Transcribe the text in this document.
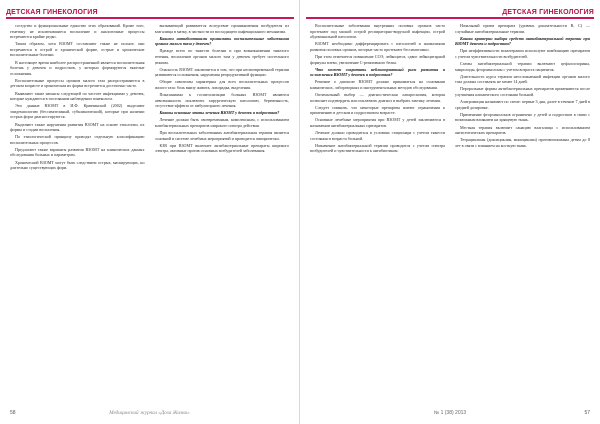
ДЕТСКАЯ ГИНЕКОЛОГИЯ

соседство и функциональные единство этих образований. Кроме того, генетику не исключавшиеся воспаление и аналогичные процессы встречаются крайне редко.

Таким образом, хотя ВЗОМТ составляют также не полное, они встречаются в острой и хронической форме, острые и хронические воспалительные болезни.

В настоящее время наиболее распространенной является воспалительная болезнь у девочек и подростков, у которых формируются тяжелые осложнения.

Воспалительные процессы органов малого таза распространяются в детском возрасте и хроническая их форма встречается достаточно часто.

Выявляют такие нюансы следующей по частоте инфекциями у девочек, которые нуждаются в постоянном наблюдении гинеколога.

Эти данные ВЗОМТ в И.Ф. Кравчинской (2002) выделяют эпидемиологию (бессимптомный, субклинический), которые при наличии острых форм диагностируются.

Выделяют также нарушения развития ВЗОМТ на основе этиологии, их формы и стадии воспаления.

По этиологической принципу проводят отдельную классификацию воспалительных процессов.

Предлагают также варианты развития ВЗОМТ на клинических данных обследования больных и параметрам.

Хронический ВЗОМТ могут быть следствием острых, маскирующих, но длительно существующих форм.

вызывающий развивается вследствие проникновения возбудителя из влагалища в матку, в частности из восходящего инфекционного механизма.

Какими антибиотиками принимать воспалительные заболевания органов малого таза у девочек?

Прежде всего по тяжести болезни и при возникновении тяжелого течения, воспаление органов малого таза у девочек требует постельного режима.

Опасность ВЗОМТ заключается в том, что при несвоевременной терапии развиваются осложнения, нарушения репродуктивной функции.

Общие симптомы характерны для всех воспалительных процессов малого таза: боль внизу живота, лихорадка, выделения.

Показаниями к госпитализации больных ВЗОМТ являются невозможность исключить хирургическую патологию, беременность, отсутствие эффекта от амбулаторного лечения.

Каковы основные этапы лечения ВЗОМТ у девочек и подростков?

Лечение должно быть своевременным, комплексным, с использованием антибактериальных препаратов широкого спектра действия.

При воспалительных заболеваниях антибактериальная терапия является основной в системе лечебных мероприятий и проводится эмпирически.

КЗВ при ВЗОМТ включает антибактериальные препараты широкого спектра, активные против основных возбудителей заболевания.

58	Медицинский журнал «Доза Жизни»
ДЕТСКАЯ ГИНЕКОЛОГИЯ

Воспалительные заболевания внутренних половых органов часто протекают под маской острой респираторно-вирусной инфекции, острой абдоминальной патологии.

ВЗОМТ необходимо дифференцировать с патологией и аномалиями развития половых органов, которые часто протекают бессимптомно.

При этом отмечается повышение СОЭ, лейкоцитоз, сдвиг лейкоцитарной формулы влево, увеличение С-реактивного белка.

Что может сократить неблагоприятный риск развития и осложнения ВЗОМТ у девочек и подростков?

Решение о диагнозе ВЗОМТ должно приниматься на основании клинических, лабораторных и инструментальных методов обследования.

Оптимальный выбор — диагностическая лапароскопия, которая позволяет подтвердить или исключить диагноз и выбрать тактику лечения.

Следует помнить, что некоторые препараты имеют ограничения к применению в детском и подростковом возрасте.

Основные лечебные мероприятия при ВЗОМТ у детей заключаются в назначении антибактериальных препаратов.

Лечение должно проводиться в условиях стационара с учетом тяжести состояния и возраста больной.

Назначение антибактериальной терапии проводится с учетом спектра возбудителей и чувствительности к антибиотикам.

Начальный прием препарата (уровень доказательности В, С) — случайные антибактериальные терапии.

Какова критерии выбора средств антибактериальной терапии при ВЗОМТ девочек и подростков?

При неэффективности монотерапии используют комбинацию препаратов с учетом чувствительности возбудителей.

Схемы антибактериальной терапии включают цефалоспорины, макролиды, фторхинолоны с учетом возраста пациенток.

Длительность курса терапии неосложненной инфекции органов малого таза должна составлять не менее 14 дней.

Пероральные формы антибактериальных препаратов применяются после улучшения клинического состояния больной.

Азитромицин назначают по схеме: первые 3 дня, далее в течение 7 дней в средней дозировке.

Применение фторхинолонов ограничено у детей и подростков в связи с возможным влиянием на хрящевую ткань.

Местная терапия включает санацию влагалища с использованием антисептических препаратов.

Тетрациклины (доксициклин, миноциклин) противопоказаны детям до 8 лет в связи с влиянием на костную ткань.

№ 1 (38) 2013	57
